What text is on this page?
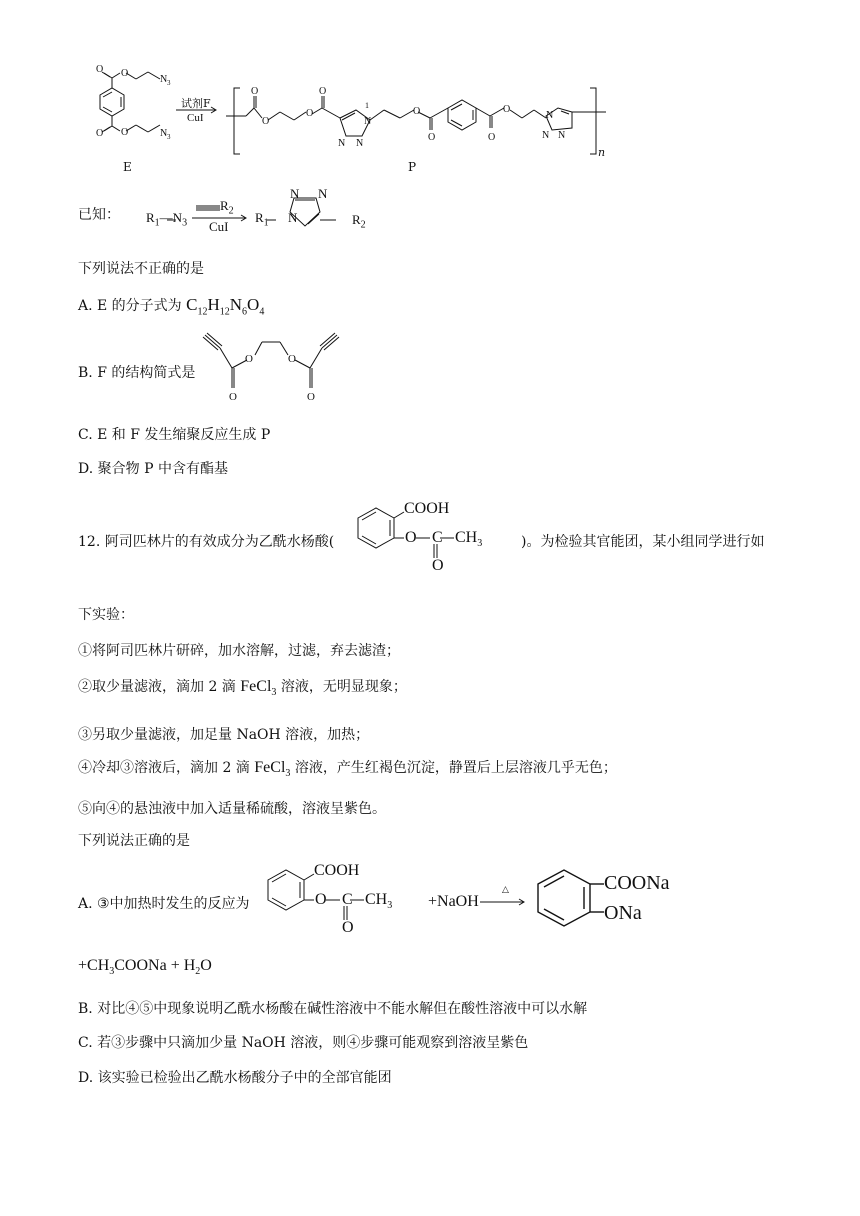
O
O
O
O
N 3
N 3
O
O
O
O
N
1
N N
O
O	O
O
N
N N
试剂F
CuI
E	P
n
已知： $R_1—N_3$
$R_2$
CuI
$R_1$ N
N N
$R_2$
下列说法不正确的是
A. E 的分子式为 $C_{12}H_{12}N_6O_4$
B. F 的结构简式是
O	O
O	O
C. E 和 F 发生缩聚反应生成 P
D. 聚合物 P 中含有酯基
12. 阿司匹林片的有效成分为乙酰水杨酸(
COOH
O C $CH_3$
O
)。为检验其官能团，某小组同学进行如
下实验：
①将阿司匹林片研碎，加水溶解，过滤，弃去滤渣；
②取少量滤液，滴加 2 滴 FeCl$_3$ 溶液，无明显现象；
③另取少量滤液，加足量 NaOH 溶液，加热；
④冷却③溶液后，滴加 2 滴 FeCl$_3$ 溶液，产生红褐色沉淀，静置后上层溶液几乎无色；
⑤向④的悬浊液中加入适量稀硫酸，溶液呈紫色。
下列说法正确的是
A. ③中加热时发生的反应为
COOH
O C $CH_3$
O
+NaOH →
△	COONa
ONa
$+CH_3COONa + H_2O$
B. 对比④⑤中现象说明乙酰水杨酸在碱性溶液中不能水解但在酸性溶液中可以水解
C. 若③步骤中只滴加少量 NaOH 溶液，则④步骤可能观察到溶液呈紫色
D. 该实验已检验出乙酰水杨酸分子中的全部官能团
